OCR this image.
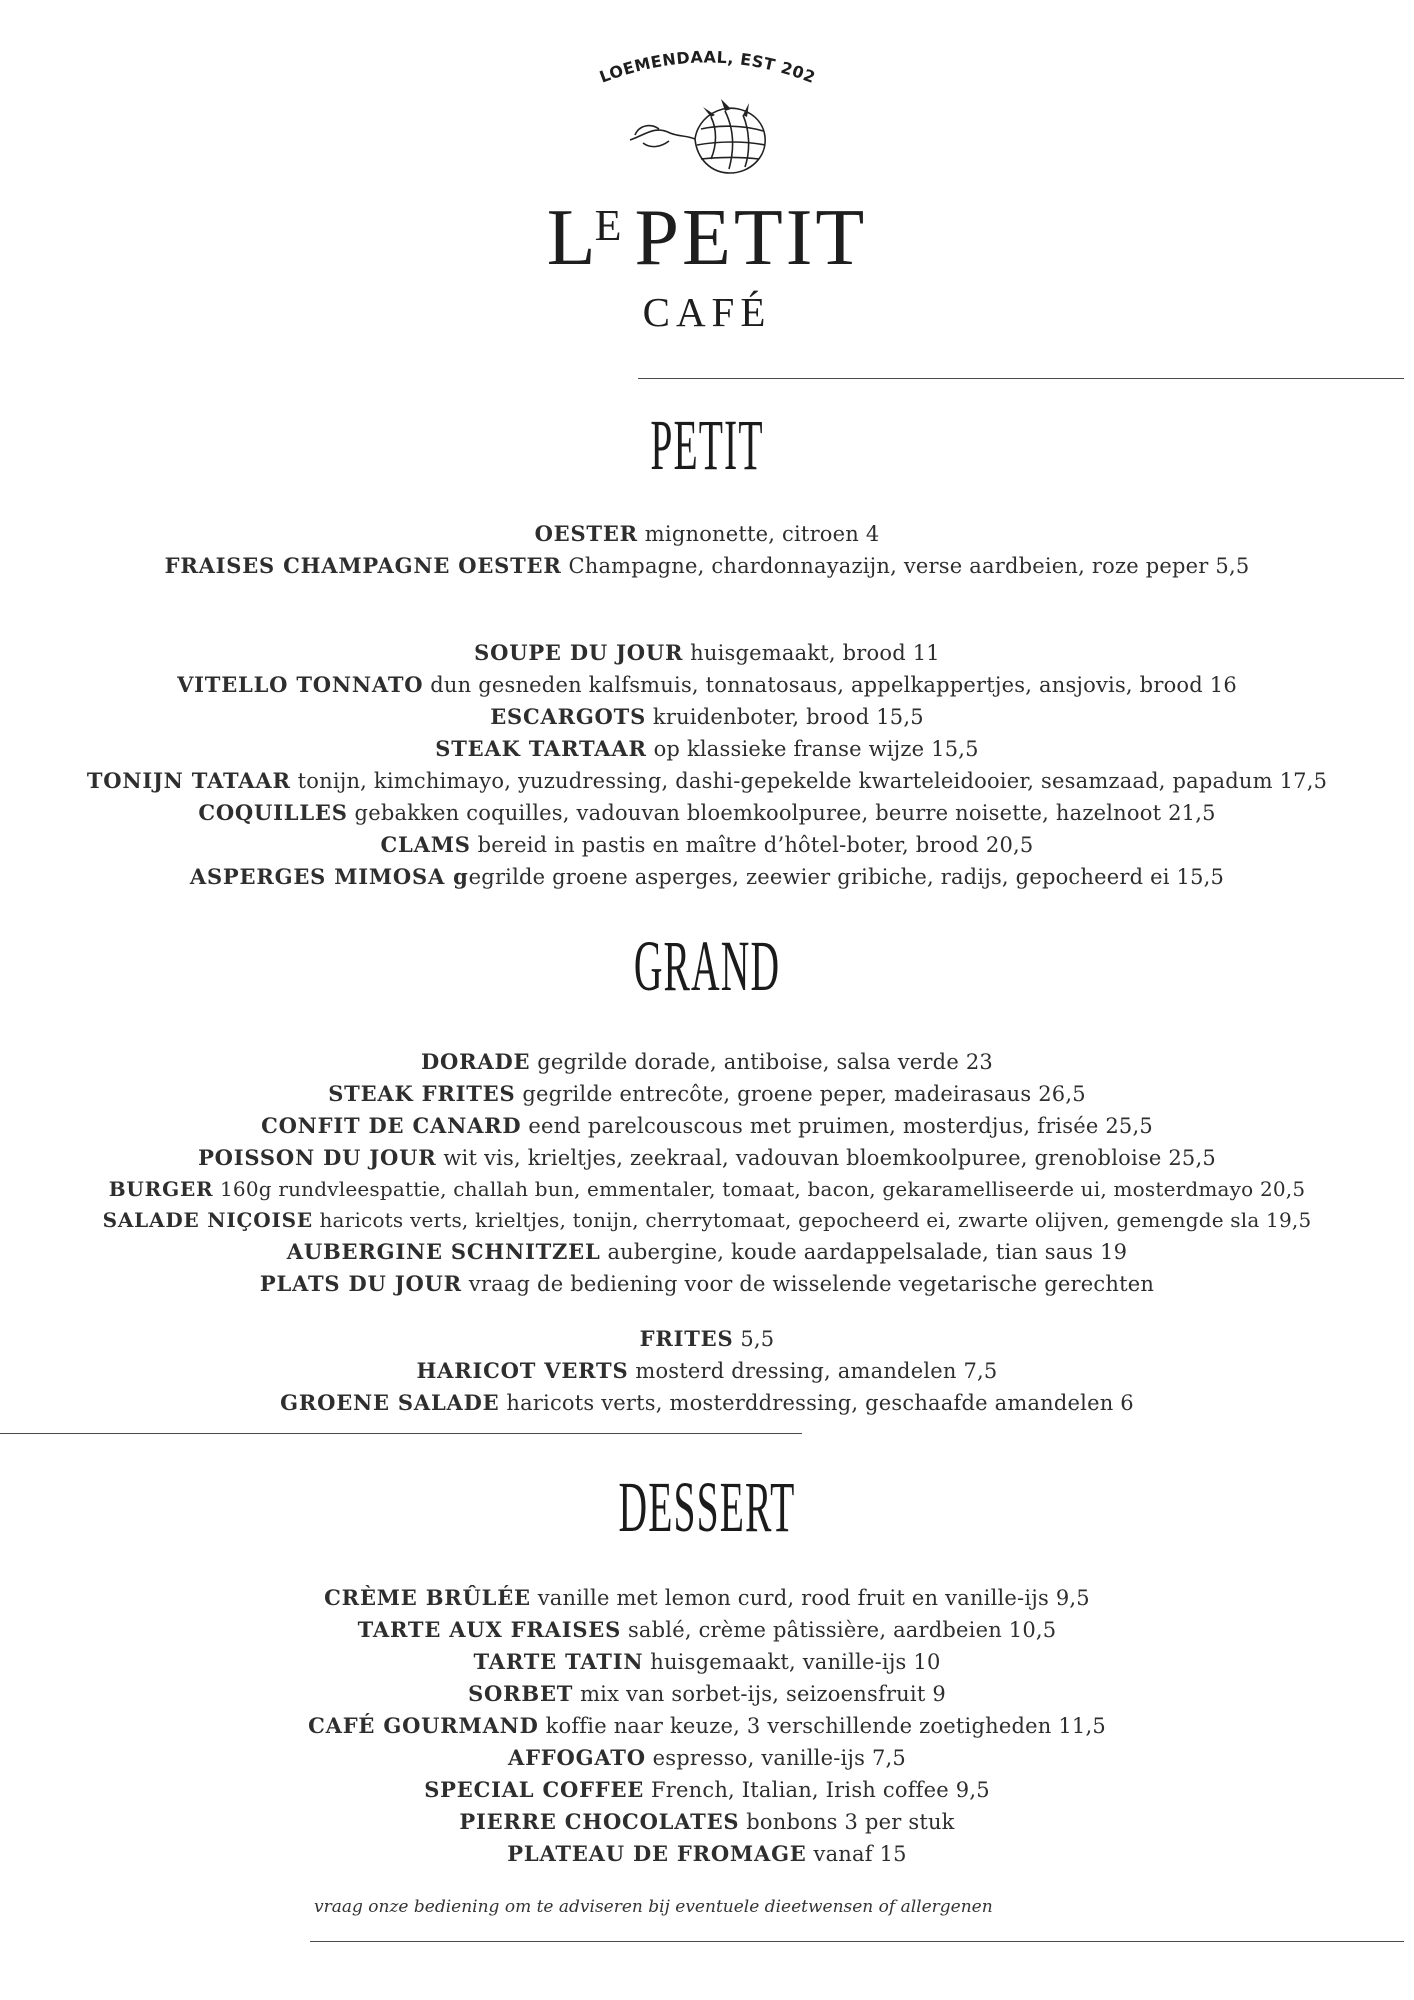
LOEMENDAAL, EST 202
$L^E$ PETIT
CAFÉ
PETIT
OESTER mignonette, citroen 4
FRAISES CHAMPAGNE OESTER Champagne, chardonnayazijn, verse aardbeien, roze peper 5,5
SOUPE DU JOUR huisgemaakt, brood 11
VITELLO TONNATO dun gesneden kalfsmuis, tonnatosaus, appelkappertjes, ansjovis, brood 16
ESCARGOTS kruidenboter, brood 15,5
STEAK TARTAAR op klassieke franse wijze 15,5
TONIJN TATAAR tonijn, kimchimayo, yuzudressing, dashi-gepekelde kwarteleidooier, sesamzaad, papadum 17,5
COQUILLES gebakken coquilles, vadouvan bloemkoolpuree, beurre noisette, hazelnoot 21,5
CLAMS bereid in pastis en maître d’hôtel-boter, brood 20,5
ASPERGES MIMOSA gegrilde groene asperges, zeewier gribiche, radijs, gepocheerd ei 15,5
GRAND
DORADE gegrilde dorade, antiboise, salsa verde 23
STEAK FRITES gegrilde entrecôte, groene peper, madeirasaus 26,5
CONFIT DE CANARD eend parelcouscous met pruimen, mosterdjus, frisée 25,5
POISSON DU JOUR wit vis, krieltjes, zeekraal, vadouvan bloemkoolpuree, grenobloise 25,5
BURGER 160g rundvleespattie, challah bun, emmentaler, tomaat, bacon, gekaramelliseerde ui, mosterdmayo 20,5
SALADE NIÇOISE haricots verts, krieltjes, tonijn, cherrytomaat, gepocheerd ei, zwarte olijven, gemengde sla 19,5
AUBERGINE SCHNITZEL aubergine, koude aardappelsalade, tian saus 19
PLATS DU JOUR vraag de bediening voor de wisselende vegetarische gerechten
FRITES 5,5
HARICOT VERTS mosterd dressing, amandelen 7,5
GROENE SALADE haricots verts, mosterddressing, geschaafde amandelen 6
DESSERT
CRÈME BRÛLÉE vanille met lemon curd, rood fruit en vanille-ijs 9,5
TARTE AUX FRAISES sablé, crème pâtissière, aardbeien 10,5
TARTE TATIN huisgemaakt, vanille-ijs 10
SORBET mix van sorbet-ijs, seizoensfruit 9
CAFÉ GOURMAND koffie naar keuze, 3 verschillende zoetigheden 11,5
AFFOGATO espresso, vanille-ijs 7,5
SPECIAL COFFEE French, Italian, Irish coffee 9,5
PIERRE CHOCOLATES bonbons 3 per stuk
PLATEAU DE FROMAGE vanaf 15
vraag onze bediening om te adviseren bij eventuele dieetwensen of allergenen
